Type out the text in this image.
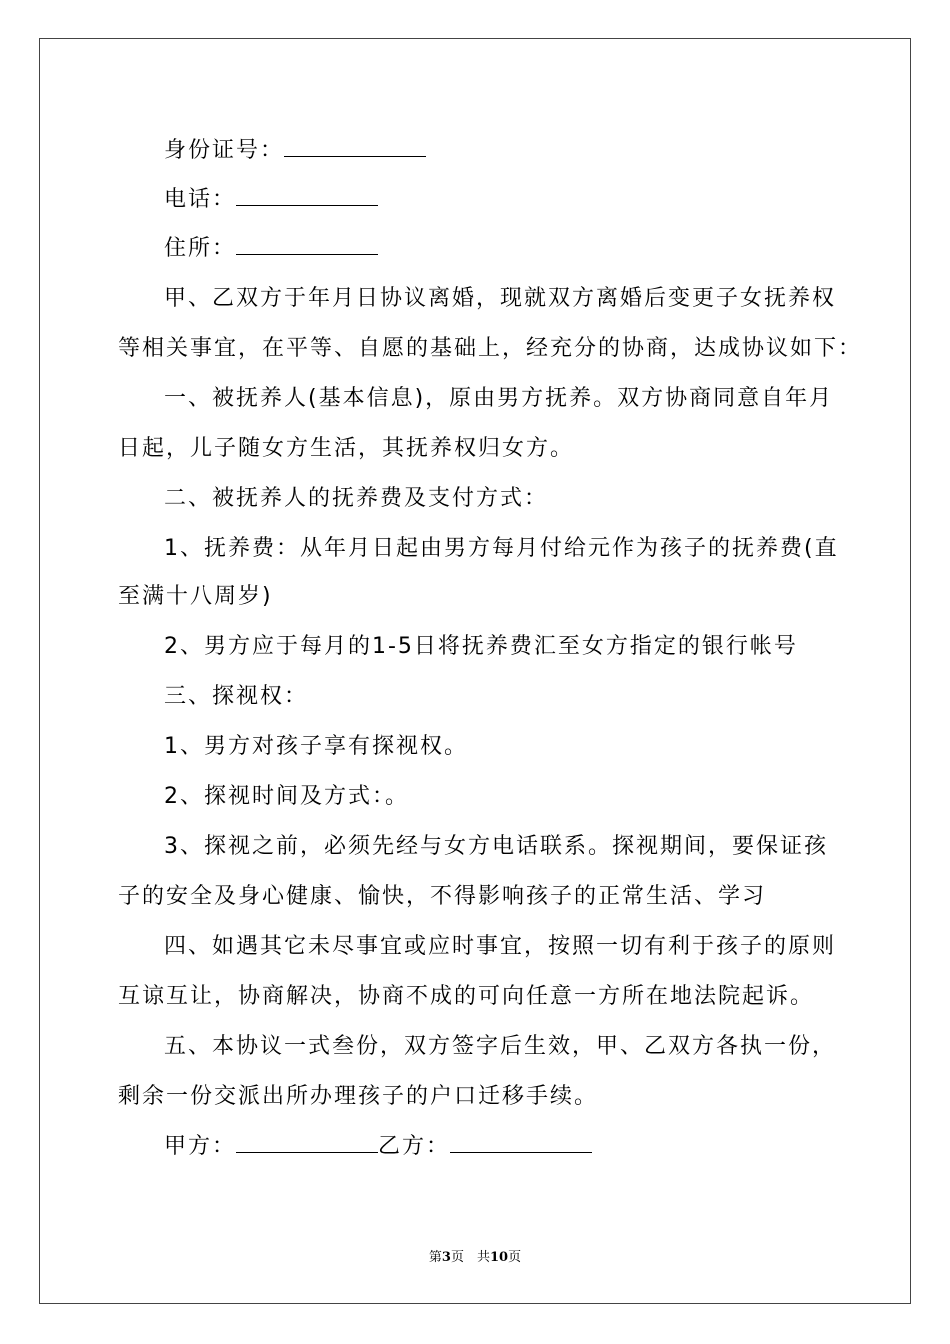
身份证号：
电话：
住所：
甲、乙双方于年月日协议离婚，现就双方离婚后变更子女抚养权
等相关事宜，在平等、自愿的基础上，经充分的协商，达成协议如下：
一、被抚养人(基本信息)，原由男方抚养。双方协商同意自年月
日起，儿子随女方生活，其抚养权归女方。
二、被抚养人的抚养费及支付方式：
1、抚养费：从年月日起由男方每月付给元作为孩子的抚养费(直
至满十八周岁)
2、男方应于每月的1-5日将抚养费汇至女方指定的银行帐号
三、探视权：
1、男方对孩子享有探视权。
2、探视时间及方式：。
3、探视之前，必须先经与女方电话联系。探视期间，要保证孩
子的安全及身心健康、愉快，不得影响孩子的正常生活、学习
四、如遇其它未尽事宜或应时事宜，按照一切有利于孩子的原则
互谅互让，协商解决，协商不成的可向任意一方所在地法院起诉。
五、本协议一式叁份，双方签字后生效，甲、乙双方各执一份，
剩余一份交派出所办理孩子的户口迁移手续。
甲方：	乙方：
第3页　共10页
